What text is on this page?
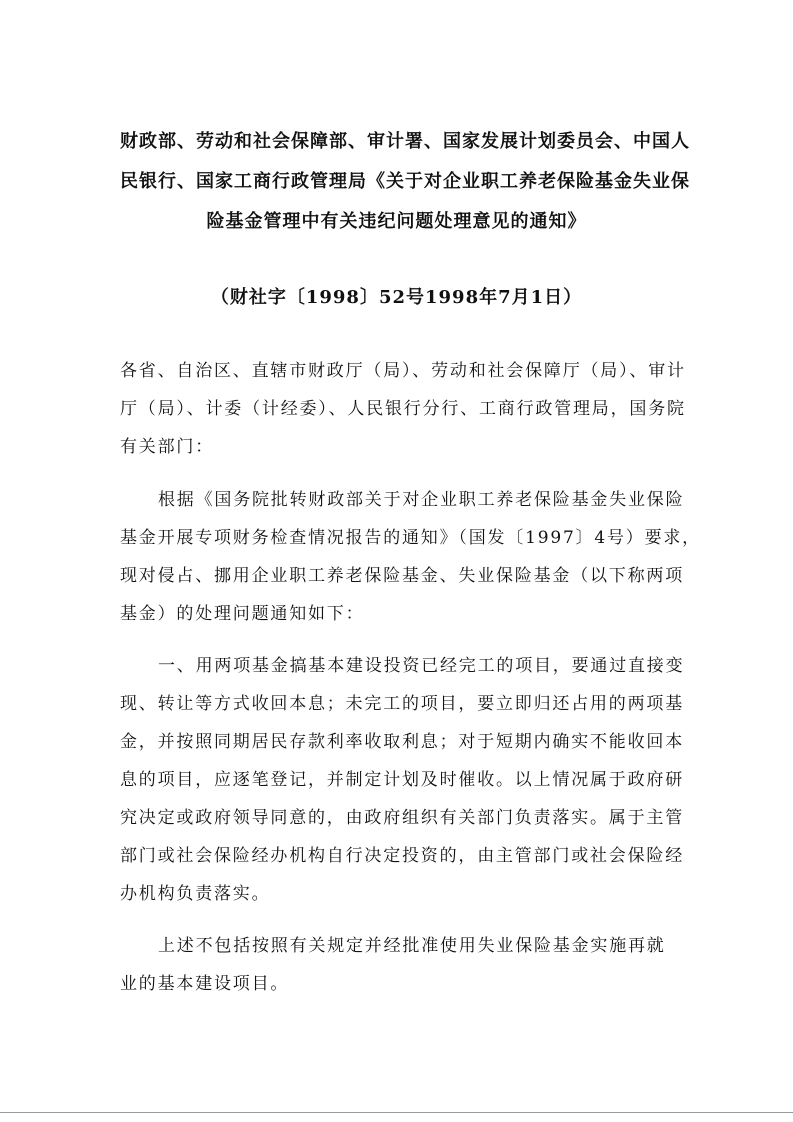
财政部、劳动和社会保障部、审计署、国家发展计划委员会、中国人
民银行、国家工商行政管理局《关于对企业职工养老保险基金失业保
险基金管理中有关违纪问题处理意见的通知》
（财社字〔1998〕52号1998年7月1日）
各省、自治区、直辖市财政厅（局）、劳动和社会保障厅（局）、审计
厅（局）、计委（计经委）、人民银行分行、工商行政管理局，国务院
有关部门：
根据《国务院批转财政部关于对企业职工养老保险基金失业保险
基金开展专项财务检查情况报告的通知》（国发〔1997〕4号）要求，
现对侵占、挪用企业职工养老保险基金、失业保险基金（以下称两项
基金）的处理问题通知如下：
一、用两项基金搞基本建设投资已经完工的项目，要通过直接变
现、转让等方式收回本息；未完工的项目，要立即归还占用的两项基
金，并按照同期居民存款利率收取利息；对于短期内确实不能收回本
息的项目，应逐笔登记，并制定计划及时催收。以上情况属于政府研
究决定或政府领导同意的，由政府组织有关部门负责落实。属于主管
部门或社会保险经办机构自行决定投资的，由主管部门或社会保险经
办机构负责落实。
上述不包括按照有关规定并经批准使用失业保险基金实施再就
业的基本建设项目。
